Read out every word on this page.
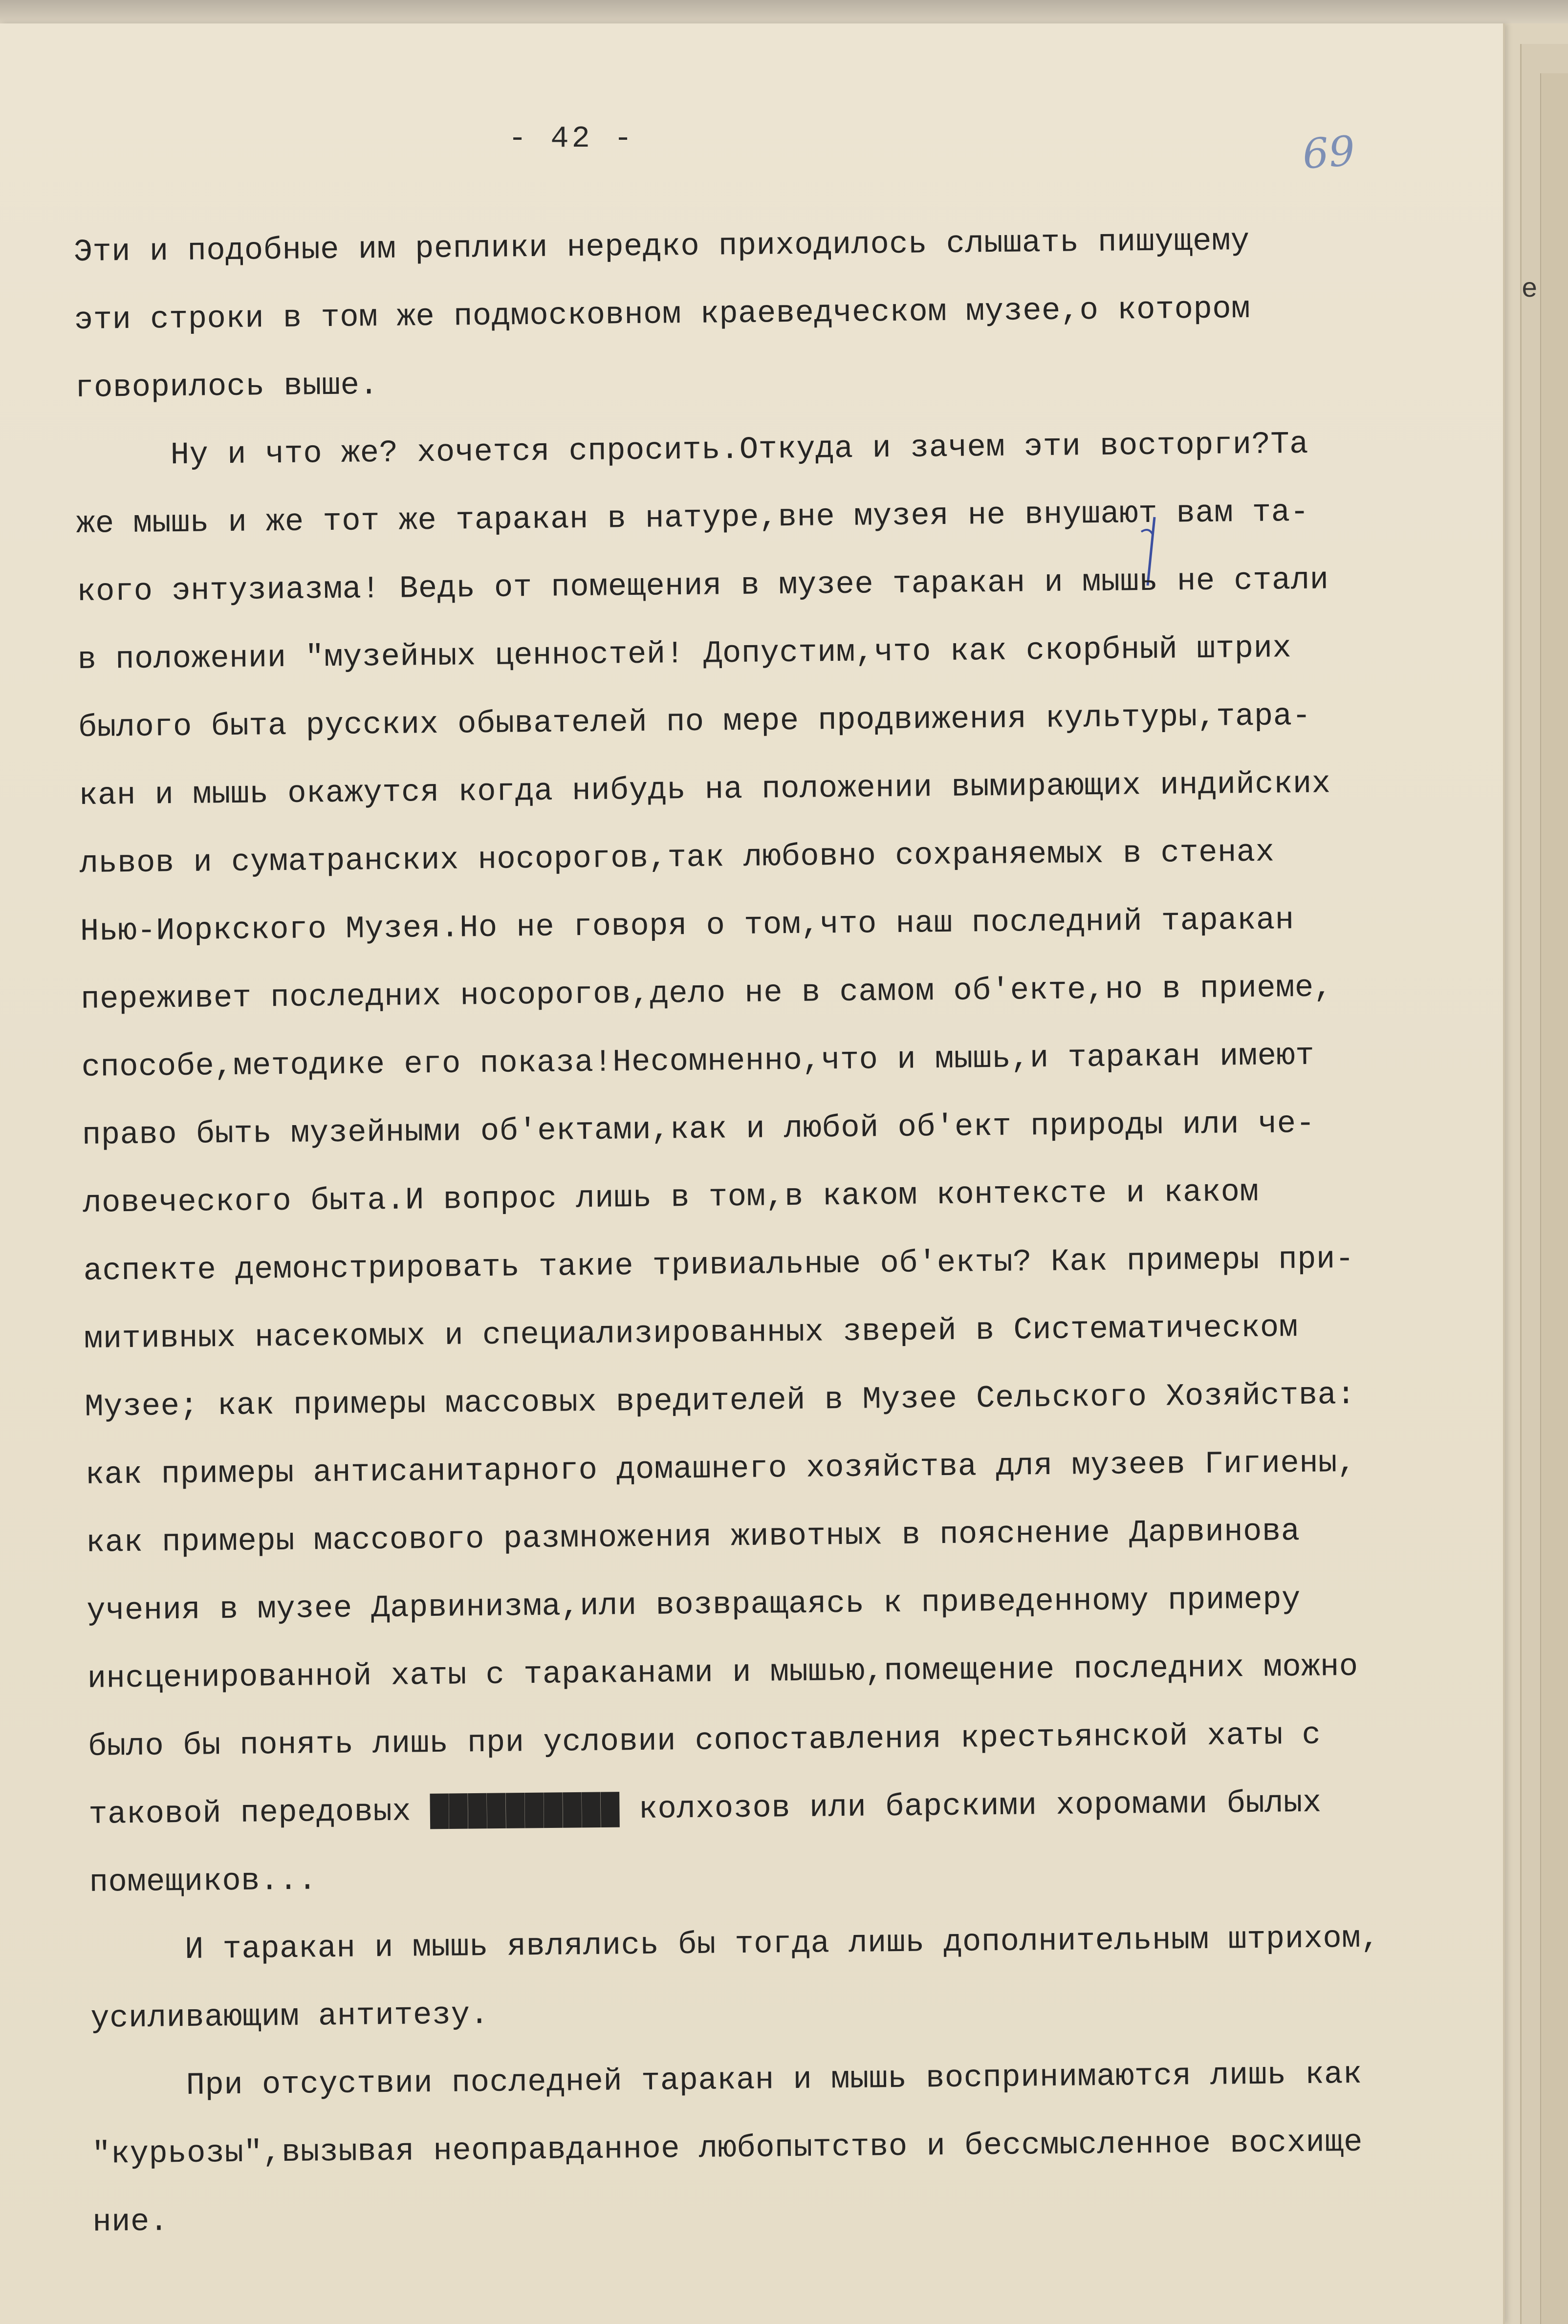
е
- 42 -	69
Эти и подобные им реплики нередко приходилось слышать пишущему
эти строки в том же подмосковном краеведческом музее,о котором
говорилось выше.
Ну и что же? хочется спросить.Откуда и зачем эти восторги?Та
же мышь и же тот же таракан в натуре,вне музея не внушают вам та-
кого энтузиазма! Ведь от помещения в музее таракан и мышь не стали
в положении "музейных ценностей! Допустим,что как скорбный штрих
былого быта русских обывателей по мере продвижения культуры,тара-
кан и мышь окажутся когда нибудь на положении вымирающих индийских
львов и суматранских носорогов,так любовно сохраняемых в стенах
Нью-Иоркского Музея.Но не говоря о том,что наш последний таракан
переживет последних носорогов,дело не в самом об'екте,но в приеме,
способе,методике его показа!Несомненно,что и мышь,и таракан имеют
право быть музейными об'ектами,как и любой об'ект природы или че-
ловеческого быта.И вопрос лишь в том,в каком контексте и каком
аспекте демонстрировать такие тривиальные об'екты? Как примеры при-
митивных насекомых и специализированных зверей в Систематическом
Музее; как примеры массовых вредителей в Музее Сельского Хозяйства:
как примеры антисанитарного домашнего хозяйства для музеев Гигиены,
как примеры массового размножения животных в пояснение Дарвинова
учения в музее Дарвинизма,или возвращаясь к приведенному примеру
инсценированной хаты с тараканами и мышью,помещение последних можно
было бы понять лишь при условии сопоставления крестьянской хаты с
таковой передовых ██████████ колхозов или барскими хоромами былых
помещиков...
И таракан и мышь являлись бы тогда лишь дополнительным штрихом,
усиливающим антитезу.
При отсуствии последней таракан и мышь воспринимаются лишь как
"курьозы",вызывая неоправданное любопытство и бессмысленное восхище
ние.
